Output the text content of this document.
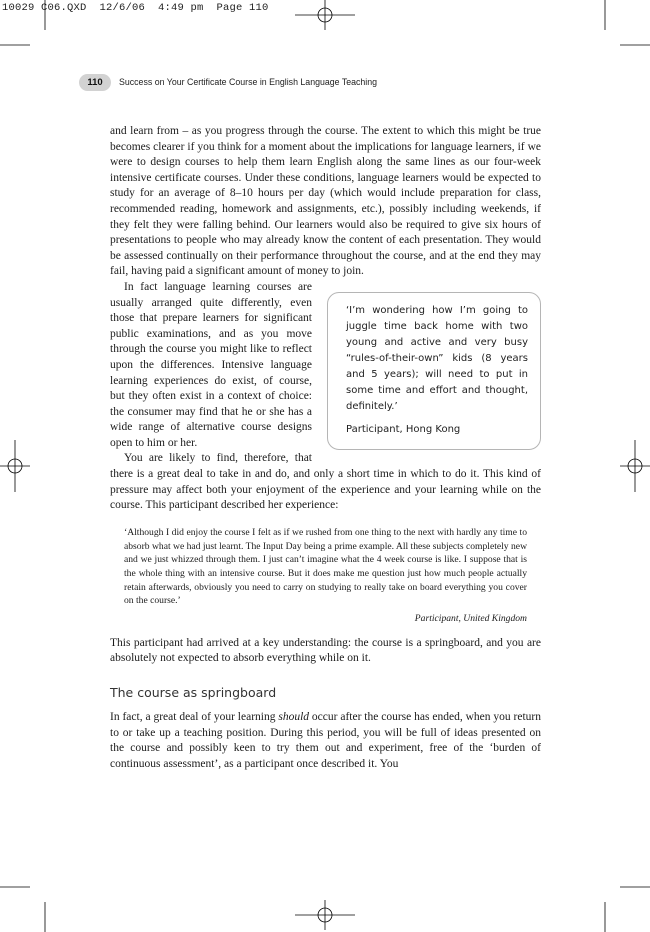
10029 C06.QXD  12/6/06  4:49 pm  Page 110
110	Success on Your Certificate Course in English Language Teaching

and learn from – as you progress through the course. The extent to which this might be true becomes clearer if you think for a moment about the implications for language learners, if we were to design courses to help them learn English along the same lines as our four-week intensive certificate courses. Under these conditions, language learners would be expected to study for an average of 8–10 hours per day (which would include preparation for class, recommended reading, homework and assignments, etc.), possibly including weekends, if they felt they were falling behind. Our learners would also be required to give six hours of presentations to people who may already know the content of each presentation. They would be assessed continually on their performance throughout the course, and at the end they may fail, having paid a significant amount of money to join.

‘I’m wondering how I’m going to juggle time back home with two young and active and very busy “rules-of-their-own” kids (8 years and 5 years); will need to put in some time and effort and thought, definitely.’
Participant, Hong Kong

In fact language learning courses are usually arranged quite differently, even those that prepare learners for significant public examinations, and as you move through the course you might like to reflect upon the differences. Intensive language learning experiences do exist, of course, but they often exist in a context of choice: the consumer may find that he or she has a wide range of alternative course designs open to him or her.

You are likely to find, therefore, that there is a great deal to take in and do, and only a short time in which to do it. This kind of pressure may affect both your enjoyment of the experience and your learning while on the course. This participant described her experience:

‘Although I did enjoy the course I felt as if we rushed from one thing to the next with hardly any time to absorb what we had just learnt. The Input Day being a prime example. All these subjects completely new and we just whizzed through them. I just can’t imagine what the 4 week course is like. I suppose that is the whole thing with an intensive course. But it does make me question just how much people actually retain afterwards, obviously you need to carry on studying to really take on board everything you cover on the course.’
Participant, United Kingdom

This participant had arrived at a key understanding: the course is a springboard, and you are absolutely not expected to absorb everything while on it.

The course as springboard

In fact, a great deal of your learning should occur after the course has ended, when you return to or take up a teaching position. During this period, you will be full of ideas presented on the course and possibly keen to try them out and experiment, free of the ‘burden of continuous assessment’, as a participant once described it. You
